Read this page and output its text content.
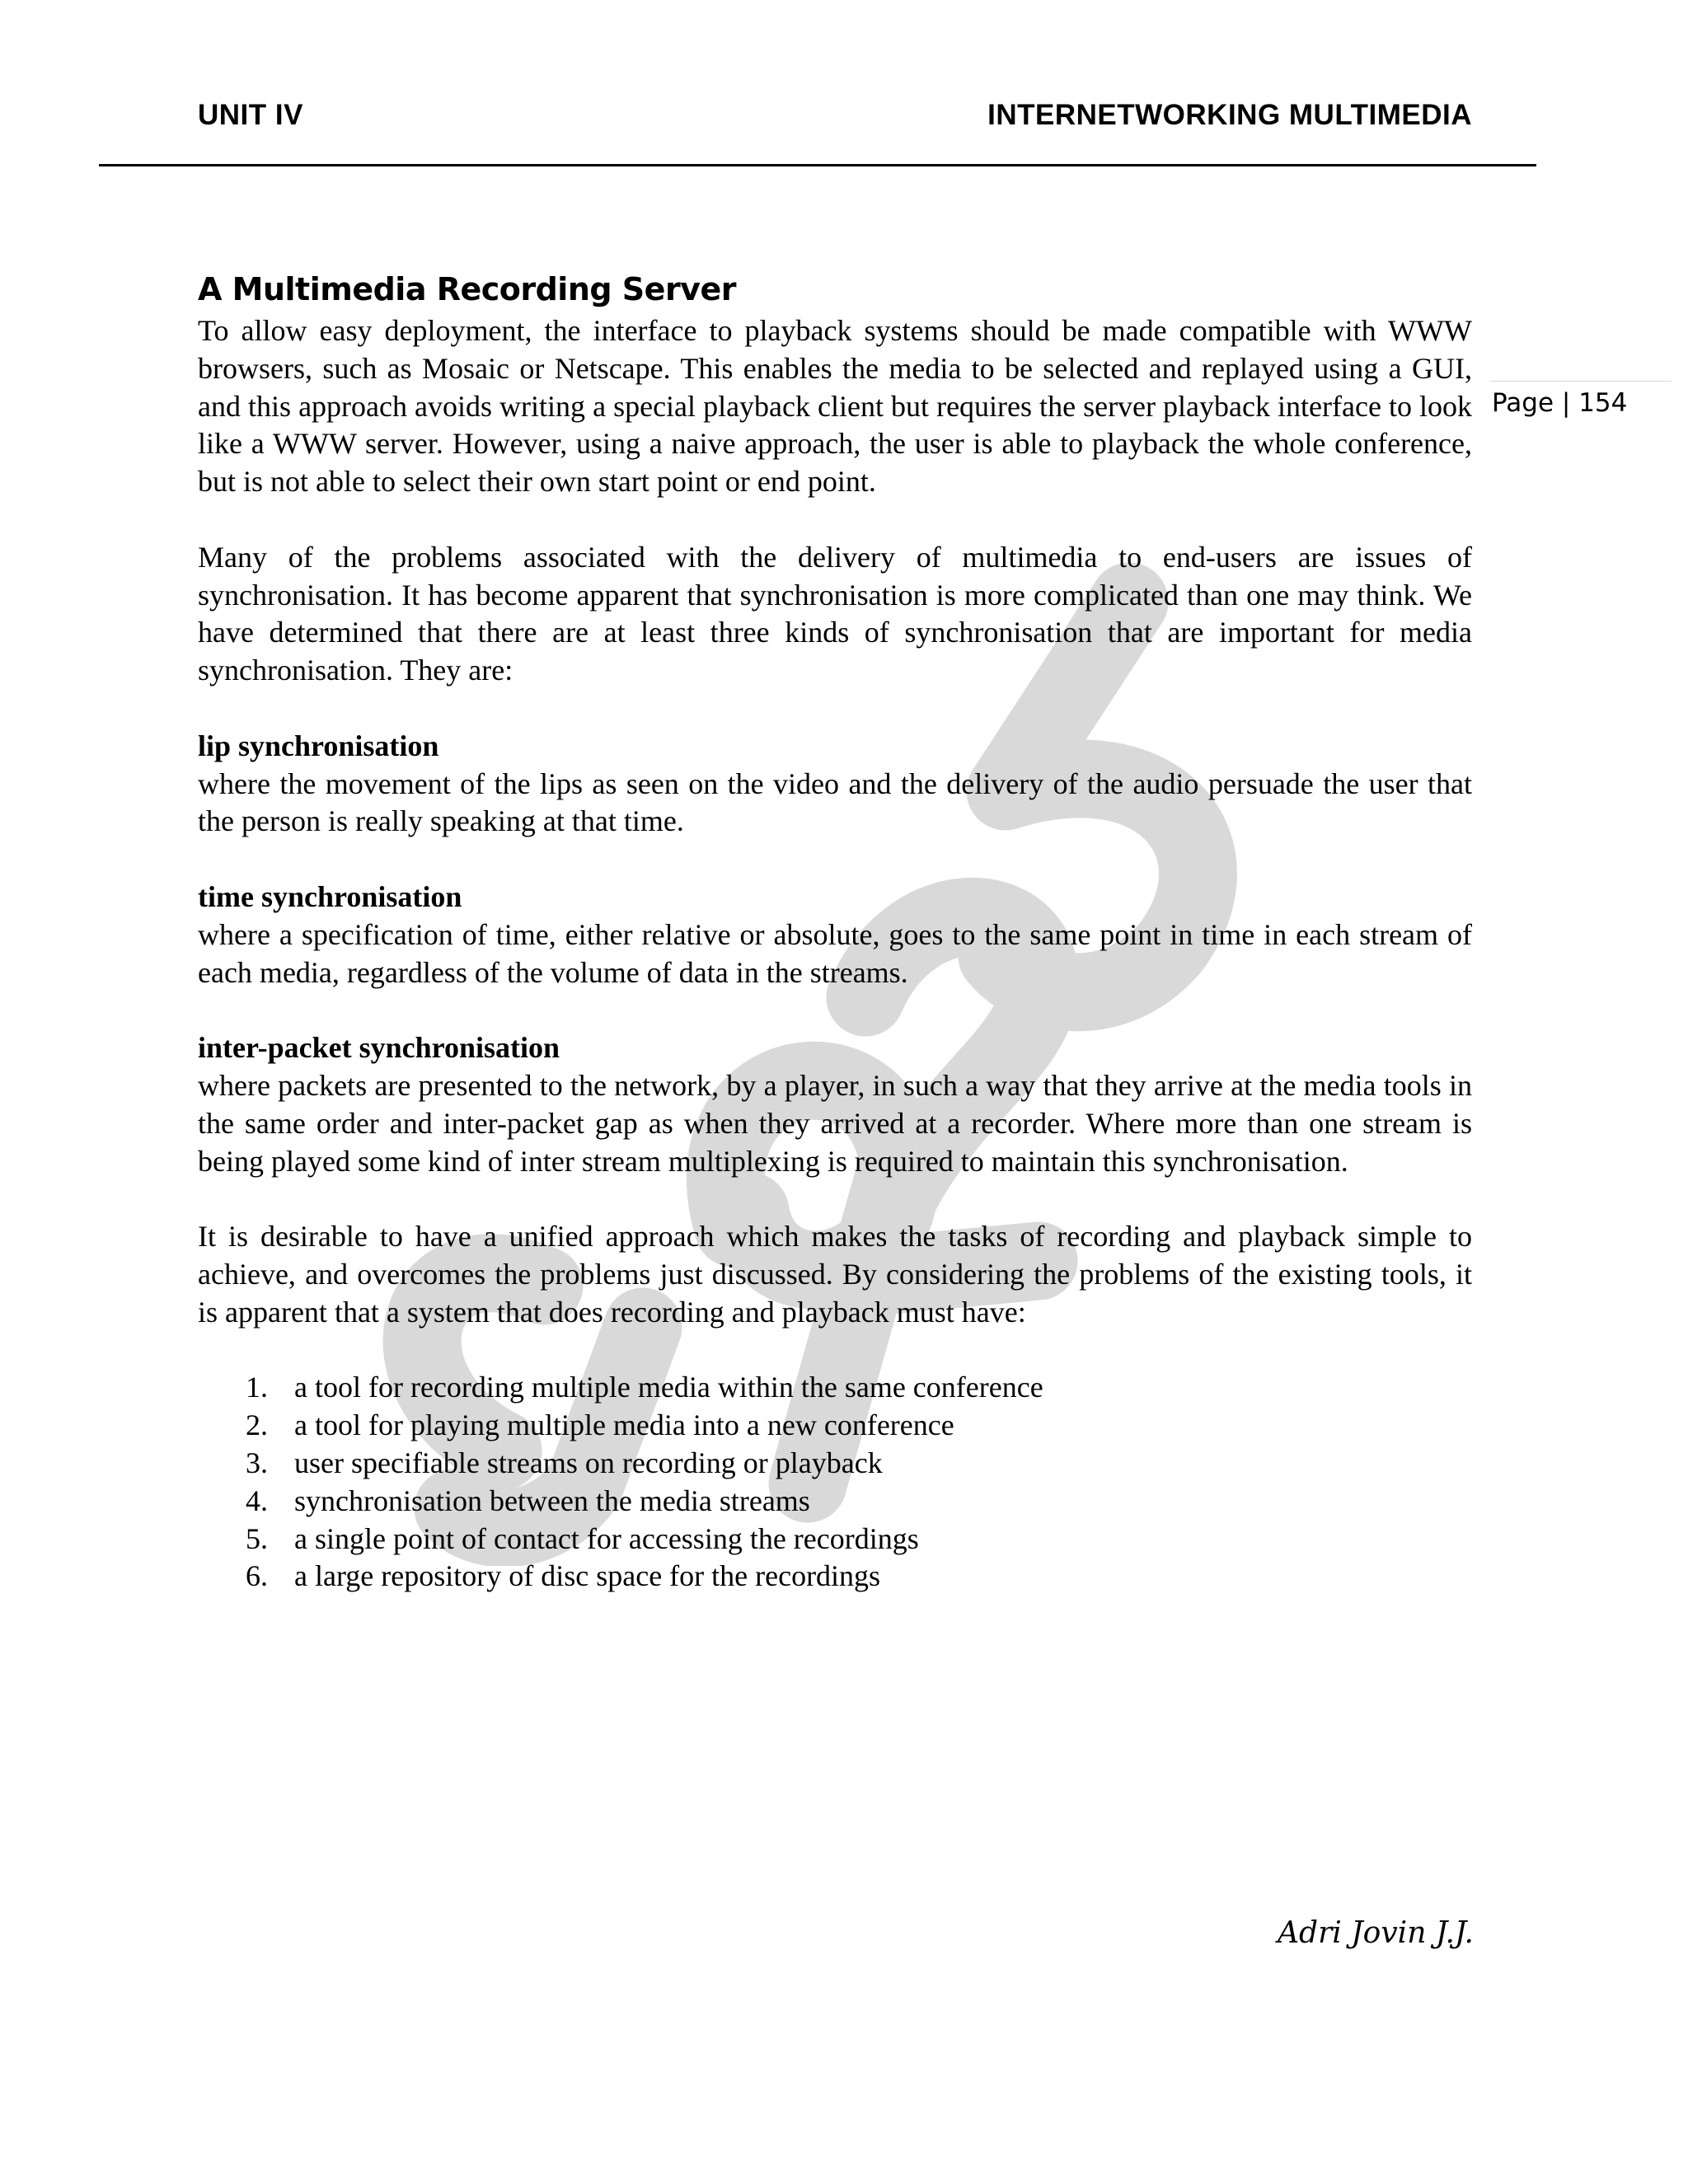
UNIT IV	INTERNETWORKING MULTIMEDIA
Page | 154
A Multimedia Recording Server

To allow easy deployment, the interface to playback systems should be made compatible with WWW browsers, such as Mosaic or Netscape. This enables the media to be selected and replayed using a GUI, and this approach avoids writing a special playback client but requires the server playback interface to look like a WWW server. However, using a naive approach, the user is able to playback the whole conference, but is not able to select their own start point or end point.

Many of the problems associated with the delivery of multimedia to end-users are issues of synchronisation. It has become apparent that synchronisation is more complicated than one may think. We have determined that there are at least three kinds of synchronisation that are important for media synchronisation. They are:

lip synchronisation

where the movement of the lips as seen on the video and the delivery of the audio persuade the user that the person is really speaking at that time.

time synchronisation

where a specification of time, either relative or absolute, goes to the same point in time in each stream of each media, regardless of the volume of data in the streams.

inter-packet synchronisation

where packets are presented to the network, by a player, in such a way that they arrive at the media tools in the same order and inter-packet gap as when they arrived at a recorder. Where more than one stream is being played some kind of inter stream multiplexing is required to maintain this synchronisation.

It is desirable to have a unified approach which makes the tasks of recording and playback simple to achieve, and overcomes the problems just discussed. By considering the problems of the existing tools, it is apparent that a system that does recording and playback must have:

1. a tool for recording multiple media within the same conference
2. a tool for playing multiple media into a new conference
3. user specifiable streams on recording or playback
4. synchronisation between the media streams
5. a single point of contact for accessing the recordings
6. a large repository of disc space for the recordings
Adri Jovin J.J.
